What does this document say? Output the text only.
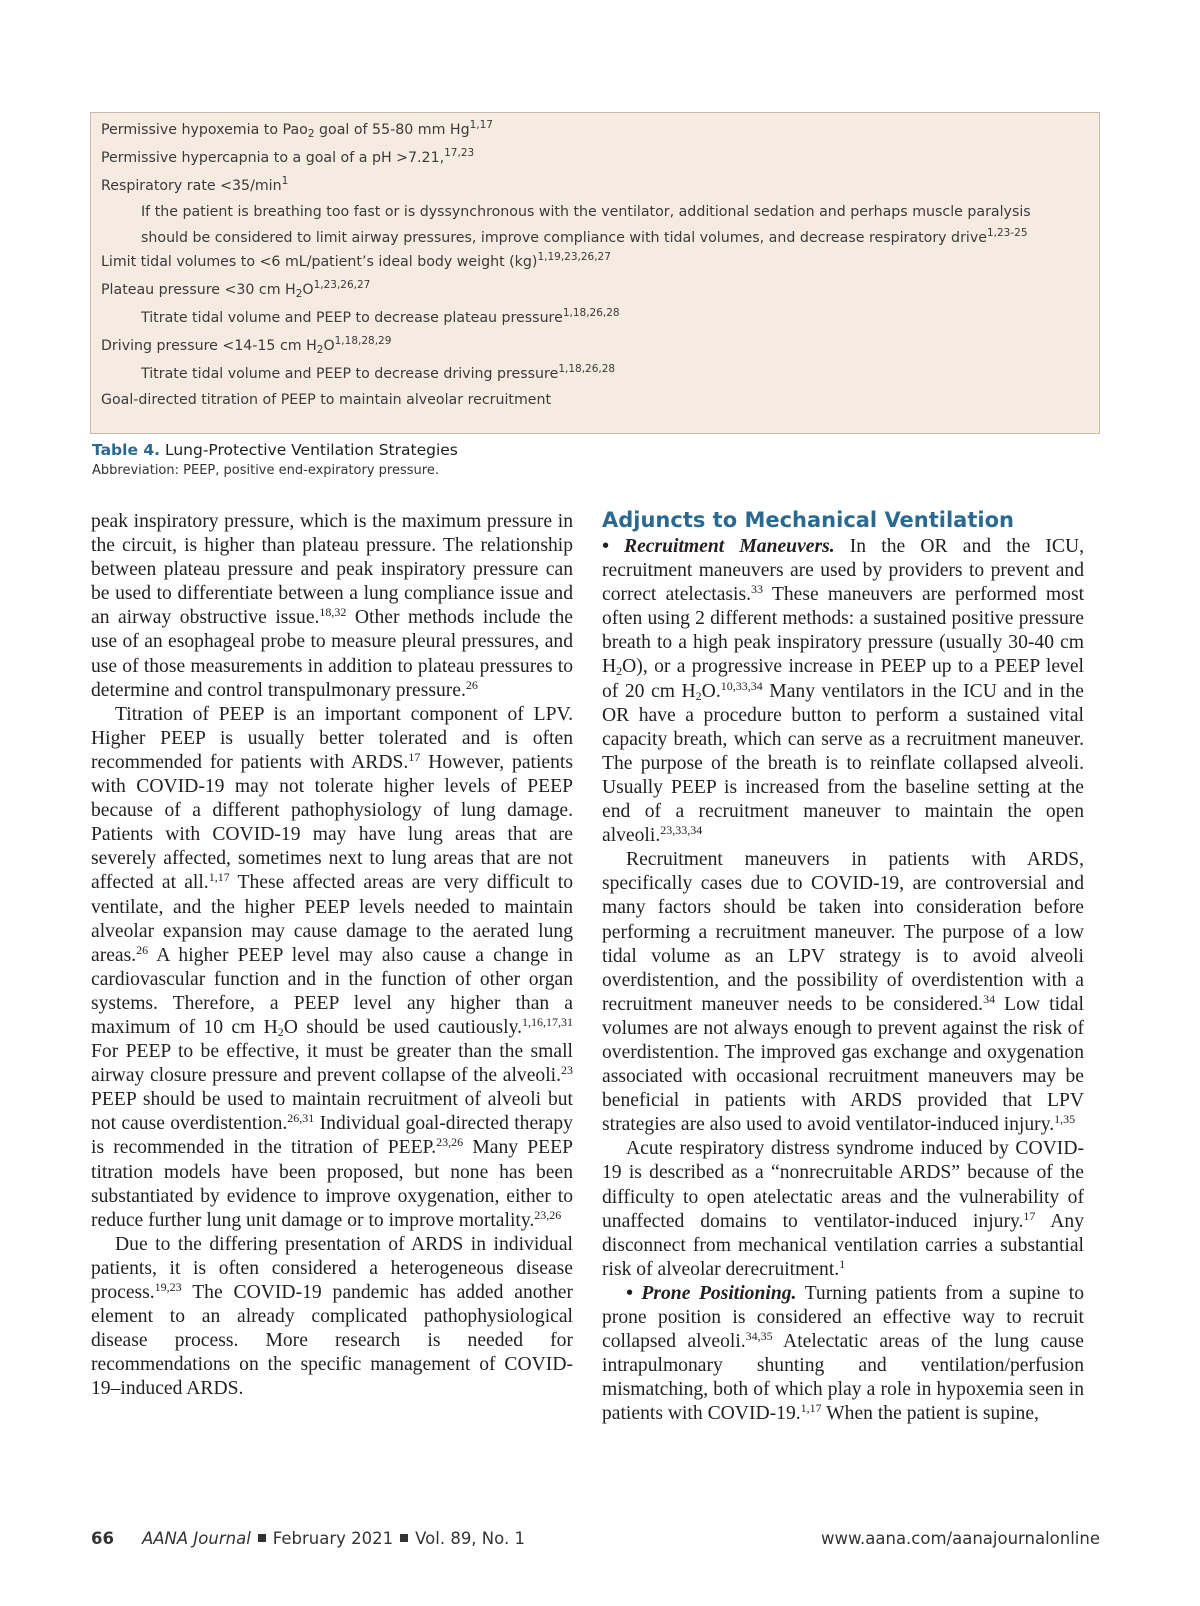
Permissive hypoxemia to Pao$_2$ goal of 55-80 mm Hg$^{1,17}$
Permissive hypercapnia to a goal of a pH >7.21,$^{17,23}$
Respiratory rate $<35/\min^1$
If the patient is breathing too fast or is dyssynchronous with the ventilator, additional sedation and perhaps muscle paralysis should be considered to limit airway pressures, improve compliance with tidal volumes, and decrease respiratory drive$^{1,23-25}$
Limit tidal volumes to <6 mL/patient’s ideal body weight (kg)$^{1,19,23,26,27}$
Plateau pressure <30 cm $H_2O^{1,23,26,27}$
Titrate tidal volume and PEEP to decrease plateau pressure$^{1,18,26,28}$
Driving pressure <14-15 cm $H_2O^{1,18,28,29}$
Titrate tidal volume and PEEP to decrease driving pressure$^{1,18,26,28}$
Goal-directed titration of PEEP to maintain alveolar recruitment
Table 4. Lung-Protective Ventilation Strategies
Abbreviation: PEEP, positive end-expiratory pressure.

peak inspiratory pressure, which is the maximum pressure in the circuit, is higher than plateau pressure. The relationship between plateau pressure and peak inspiratory pressure can be used to differentiate between a lung compliance issue and an airway obstructive issue.$^{18,32}$ Other methods include the use of an esophageal probe to measure pleural pressures, and use of those measurements in addition to plateau pressures to determine and control transpulmonary pressure.$^{26}$

Titration of PEEP is an important component of LPV. Higher PEEP is usually better tolerated and is often recommended for patients with ARDS.$^{17}$ However, patients with COVID-19 may not tolerate higher levels of PEEP because of a different pathophysiology of lung damage. Patients with COVID-19 may have lung areas that are severely affected, sometimes next to lung areas that are not affected at all.$^{1,17}$ These affected areas are very difficult to ventilate, and the higher PEEP levels needed to maintain alveolar expansion may cause damage to the aerated lung areas.$^{26}$ A higher PEEP level may also cause a change in cardiovascular function and in the function of other organ systems. Therefore, a PEEP level any higher than a maximum of 10 cm $H_2O$ should be used cautiously.$^{1,16,17,31}$ For PEEP to be effective, it must be greater than the small airway closure pressure and prevent collapse of the alveoli.$^{23}$ PEEP should be used to maintain recruitment of alveoli but not cause overdistention.$^{26,31}$ Individual goal-directed therapy is recommended in the titration of PEEP.$^{23,26}$ Many PEEP titration models have been proposed, but none has been substantiated by evidence to improve oxygenation, either to reduce further lung unit damage or to improve mortality.$^{23,26}$

Due to the differing presentation of ARDS in individual patients, it is often considered a heterogeneous disease process.$^{19,23}$ The COVID-19 pandemic has added another element to an already complicated pathophysiological disease process. More research is needed for recommendations on the specific management of COVID-19–induced ARDS.

Adjuncts to Mechanical Ventilation

• Recruitment Maneuvers. In the OR and the ICU, recruitment maneuvers are used by providers to prevent and correct atelectasis.$^{33}$ These maneuvers are performed most often using 2 different methods: a sustained positive pressure breath to a high peak inspiratory pressure (usually 30-40 cm $H_2O$), or a progressive increase in PEEP up to a PEEP level of 20 cm $H_2O.^{10,33,34}$ Many ventilators in the ICU and in the OR have a procedure button to perform a sustained vital capacity breath, which can serve as a recruitment maneuver. The purpose of the breath is to reinflate collapsed alveoli. Usually PEEP is increased from the baseline setting at the end of a recruitment maneuver to maintain the open alveoli.$^{23,33,34}$

Recruitment maneuvers in patients with ARDS, specifically cases due to COVID-19, are controversial and many factors should be taken into consideration before performing a recruitment maneuver. The purpose of a low tidal volume as an LPV strategy is to avoid alveoli overdistention, and the possibility of overdistention with a recruitment maneuver needs to be considered.$^{34}$ Low tidal volumes are not always enough to prevent against the risk of overdistention. The improved gas exchange and oxygenation associated with occasional recruitment maneuvers may be beneficial in patients with ARDS provided that LPV strategies are also used to avoid ventilator-induced injury.$^{1,35}$

Acute respiratory distress syndrome induced by COVID-19 is described as a “nonrecruitable ARDS” because of the difficulty to open atelectatic areas and the vulnerability of unaffected domains to ventilator-induced injury.$^{17}$ Any disconnect from mechanical ventilation carries a substantial risk of alveolar derecruitment.$^1$

• Prone Positioning. Turning patients from a supine to prone position is considered an effective way to recruit collapsed alveoli.$^{34,35}$ Atelectatic areas of the lung cause intrapulmonary shunting and ventilation/perfusion mismatching, both of which play a role in hypoxemia seen in patients with COVID-19.$^{1,17}$ When the patient is supine,

66 AANA Journal February 2021 Vol. 89, No. 1	www.aana.com/aanajournalonline
